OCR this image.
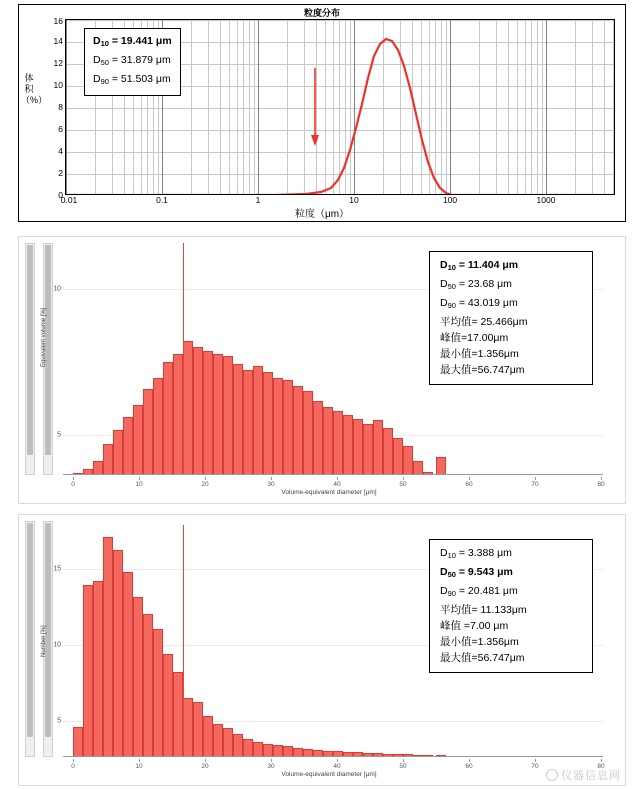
粒度分布
体积（%）
0
2
4
6
8
10
12
14
16
$D_{10} = 19.441$ μm
$D_{50} = 31.879$ μm
$D_{90} = 51.503$ μm
0.01	0.1	1	10	100	1000
粒度（μm）
Equivalent volume [%]
5
10
0	10	20	30	40	50	60	70	80
Volume-equivalent diameter [µm]
$D_{10} = 11.404$ μm
$D_{50} = 23.68$ μm
$D_{90} = 43.019$ μm
平均值= 25.466μm
峰值=17.00μm
最小值=1.356μm
最大值=56.747μm
Number [%]
5
10
15
0	10	20	30	40	50	60	70	80
Volume-equivalent diameter [µm]
$D_{10} = 3.388$ μm
$D_{50} = 9.543$ μm
$D_{90} = 20.481$ μm
平均值= 11.133μm
峰值 =7.00 μm
最小值=1.356μm
最大值=56.747μm
仪器信息网
